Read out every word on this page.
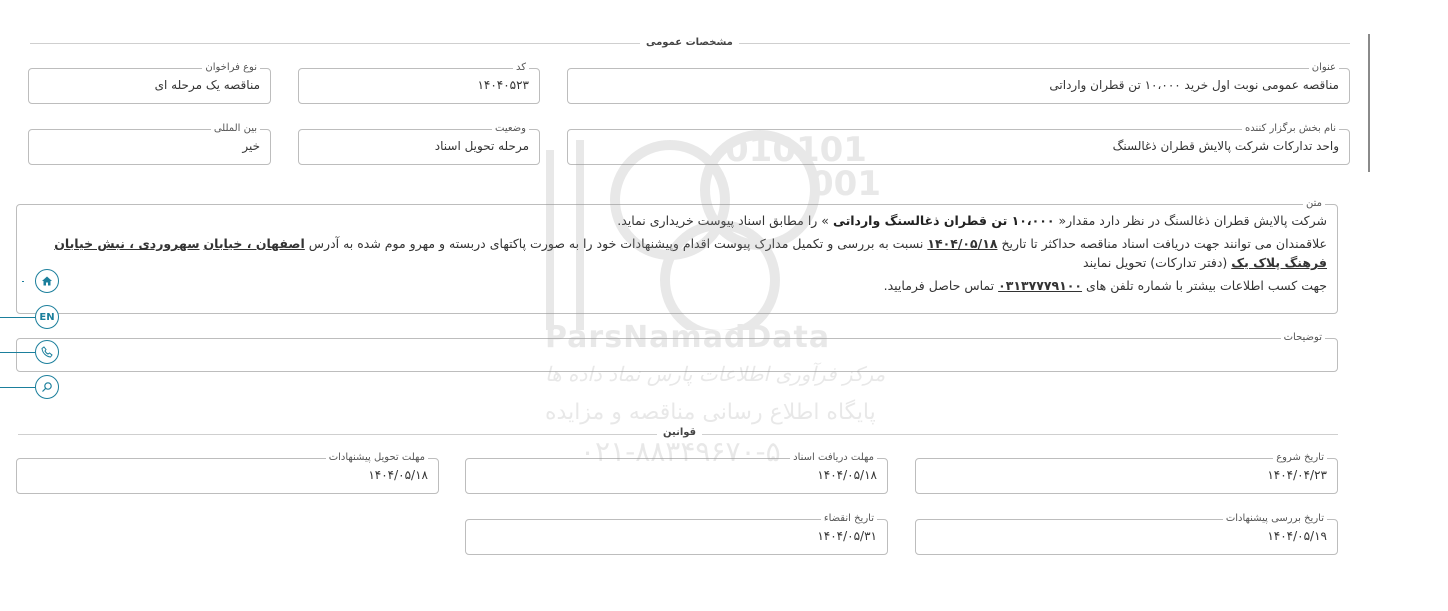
مشخصات عمومی
عنوان
مناقصه عمومی نوبت اول خرید ۱۰،۰۰۰ تن قطران وارداتی
کد
۱۴۰۴۰۵۲۳
نوع فراخوان
مناقصه یک مرحله ای
نام بخش برگزار کننده
واحد تدارکات شرکت پالایش قطران ذغالسنگ
وضعیت
مرحله تحویل اسناد
بین المللی
خیر
متن

شرکت پالایش قطران ذغالسنگ در نظر دارد مقدار« ۱۰،۰۰۰ تن قطران ذغالسنگ وارداتی » را مطابق اسناد پیوست خریداری نماید.

علاقمندان می توانند جهت دریافت اسناد مناقصه حداکثر تا تاریخ ۱۴۰۴/۰۵/۱۸ نسبت به بررسی و تکمیل مدارک پیوست اقدام وپیشنهادات خود را به صورت پاکتهای دربسته و مهرو موم شده به آدرس اصفهان ، خیابان سهروردی ، نبش خیابان فرهنگ پلاک یک (دفتر تدارکات) تحویل نمایند

جهت کسب اطلاعات بیشتر با شماره تلفن های ۰۳۱۳۷۷۷۹۱۰۰ تماس حاصل فرمایید.

توضیحات
EN
قوانین
تاریخ شروع
۱۴۰۴/۰۴/۲۳
مهلت دریافت اسناد
۱۴۰۴/۰۵/۱۸
مهلت تحویل پیشنهادات
۱۴۰۴/۰۵/۱۸
تاریخ بررسی پیشنهادات
۱۴۰۴/۰۵/۱۹
تاریخ انقضاء
۱۴۰۴/۰۵/۳۱
010101
001
ParsNamadData
مرکز فرآوری اطلاعات پارس نماد داده ها
پایگاه اطلاع رسانی مناقصه و مزایده
۰۲۱-۸۸۳۴۹۶۷۰-۵
